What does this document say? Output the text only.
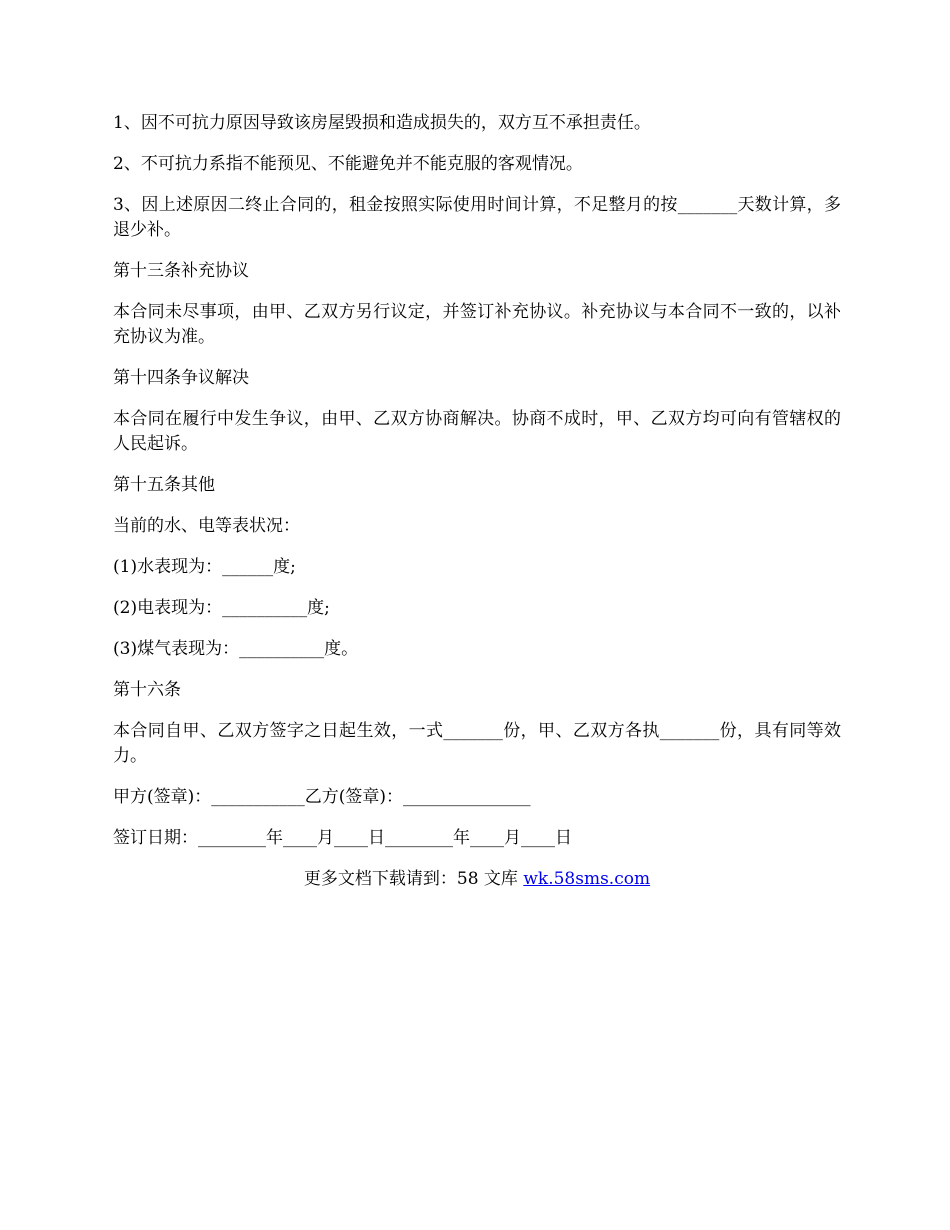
1、因不可抗力原因导致该房屋毁损和造成损失的，双方互不承担责任。

2、不可抗力系指不能预见、不能避免并不能克服的客观情况。

3、因上述原因二终止合同的，租金按照实际使用时间计算，不足整月的按_______天数计算，多退少补。

第十三条补充协议

本合同未尽事项，由甲、乙双方另行议定，并签订补充协议。补充协议与本合同不一致的，以补充协议为准。

第十四条争议解决

本合同在履行中发生争议，由甲、乙双方协商解决。协商不成时，甲、乙双方均可向有管辖权的人民起诉。

第十五条其他

当前的水、电等表状况：

(1)水表现为：______度;

(2)电表现为：__________度;

(3)煤气表现为：__________度。

第十六条

本合同自甲、乙双方签字之日起生效，一式_______份，甲、乙双方各执_______份，具有同等效力。

甲方(签章)：___________乙方(签章)：_______________

签订日期：________年____月____日________年____月____日

更多文档下载请到：58 文库 wk.58sms.com
